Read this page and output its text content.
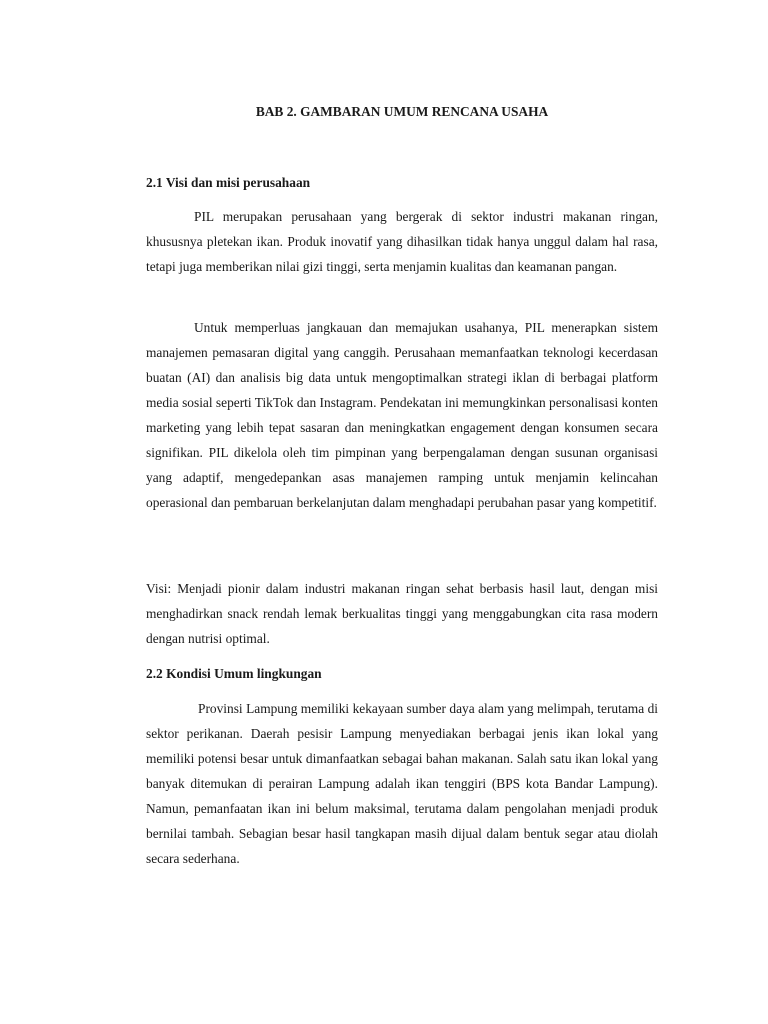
BAB 2. GAMBARAN UMUM RENCANA USAHA
2.1 Visi dan misi perusahaan

PIL merupakan perusahaan yang bergerak di sektor industri makanan ringan, khususnya pletekan ikan. Produk inovatif yang dihasilkan tidak hanya unggul dalam hal rasa, tetapi juga memberikan nilai gizi tinggi, serta menjamin kualitas dan keamanan pangan.

Untuk memperluas jangkauan dan memajukan usahanya, PIL menerapkan sistem manajemen pemasaran digital yang canggih. Perusahaan memanfaatkan teknologi kecerdasan buatan (AI) dan analisis big data untuk mengoptimalkan strategi iklan di berbagai platform media sosial seperti TikTok dan Instagram. Pendekatan ini memungkinkan personalisasi konten marketing yang lebih tepat sasaran dan meningkatkan engagement dengan konsumen secara signifikan. PIL dikelola oleh tim pimpinan yang berpengalaman dengan susunan organisasi yang adaptif, mengedepankan asas manajemen ramping untuk menjamin kelincahan operasional dan pembaruan berkelanjutan dalam menghadapi perubahan pasar yang kompetitif.

Visi: Menjadi pionir dalam industri makanan ringan sehat berbasis hasil laut, dengan misi menghadirkan snack rendah lemak berkualitas tinggi yang menggabungkan cita rasa modern dengan nutrisi optimal.

2.2 Kondisi Umum lingkungan

Provinsi Lampung memiliki kekayaan sumber daya alam yang melimpah, terutama di sektor perikanan. Daerah pesisir Lampung menyediakan berbagai jenis ikan lokal yang memiliki potensi besar untuk dimanfaatkan sebagai bahan makanan. Salah satu ikan lokal yang banyak ditemukan di perairan Lampung adalah ikan tenggiri (BPS kota Bandar Lampung). Namun, pemanfaatan ikan ini belum maksimal, terutama dalam pengolahan menjadi produk bernilai tambah. Sebagian besar hasil tangkapan masih dijual dalam bentuk segar atau diolah secara sederhana.
